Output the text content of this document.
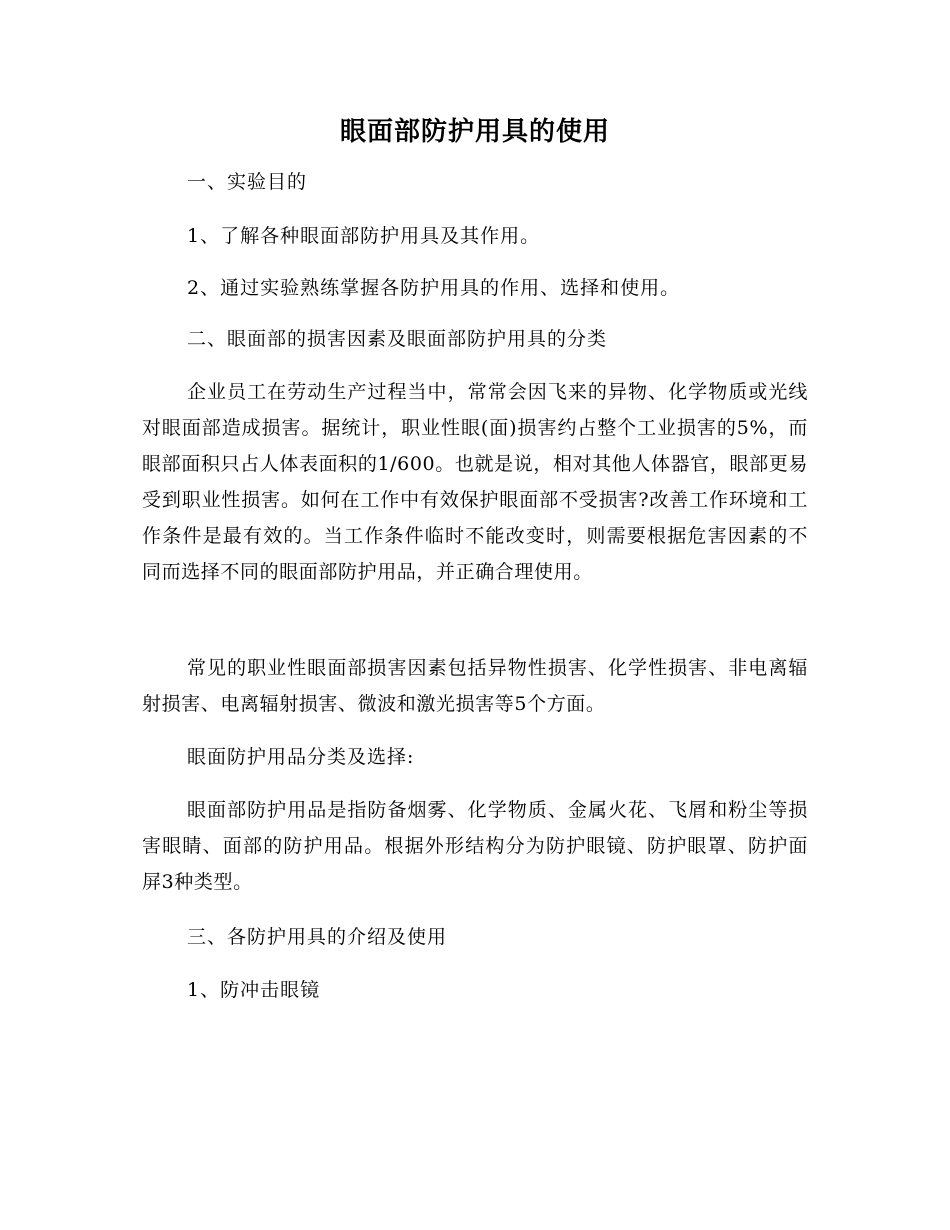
眼面部防护用具的使用
一、实验目的
1、了解各种眼面部防护用具及其作用。
2、通过实验熟练掌握各防护用具的作用、选择和使用。
二、眼面部的损害因素及眼面部防护用具的分类
企业员工在劳动生产过程当中，常常会因飞来的异物、化学物质或光线对眼面部造成损害。据统计，职业性眼(面)损害约占整个工业损害的5%，而眼部面积只占人体表面积的1/600。也就是说，相对其他人体器官，眼部更易受到职业性损害。如何在工作中有效保护眼面部不受损害?改善工作环境和工作条件是最有效的。当工作条件临时不能改变时，则需要根据危害因素的不同而选择不同的眼面部防护用品，并正确合理使用。
常见的职业性眼面部损害因素包括异物性损害、化学性损害、非电离辐射损害、电离辐射损害、微波和激光损害等5个方面。
眼面防护用品分类及选择:
眼面部防护用品是指防备烟雾、化学物质、金属火花、飞屑和粉尘等损害眼睛、面部的防护用品。根据外形结构分为防护眼镜、防护眼罩、防护面屏3种类型。
三、各防护用具的介绍及使用
1、防冲击眼镜
